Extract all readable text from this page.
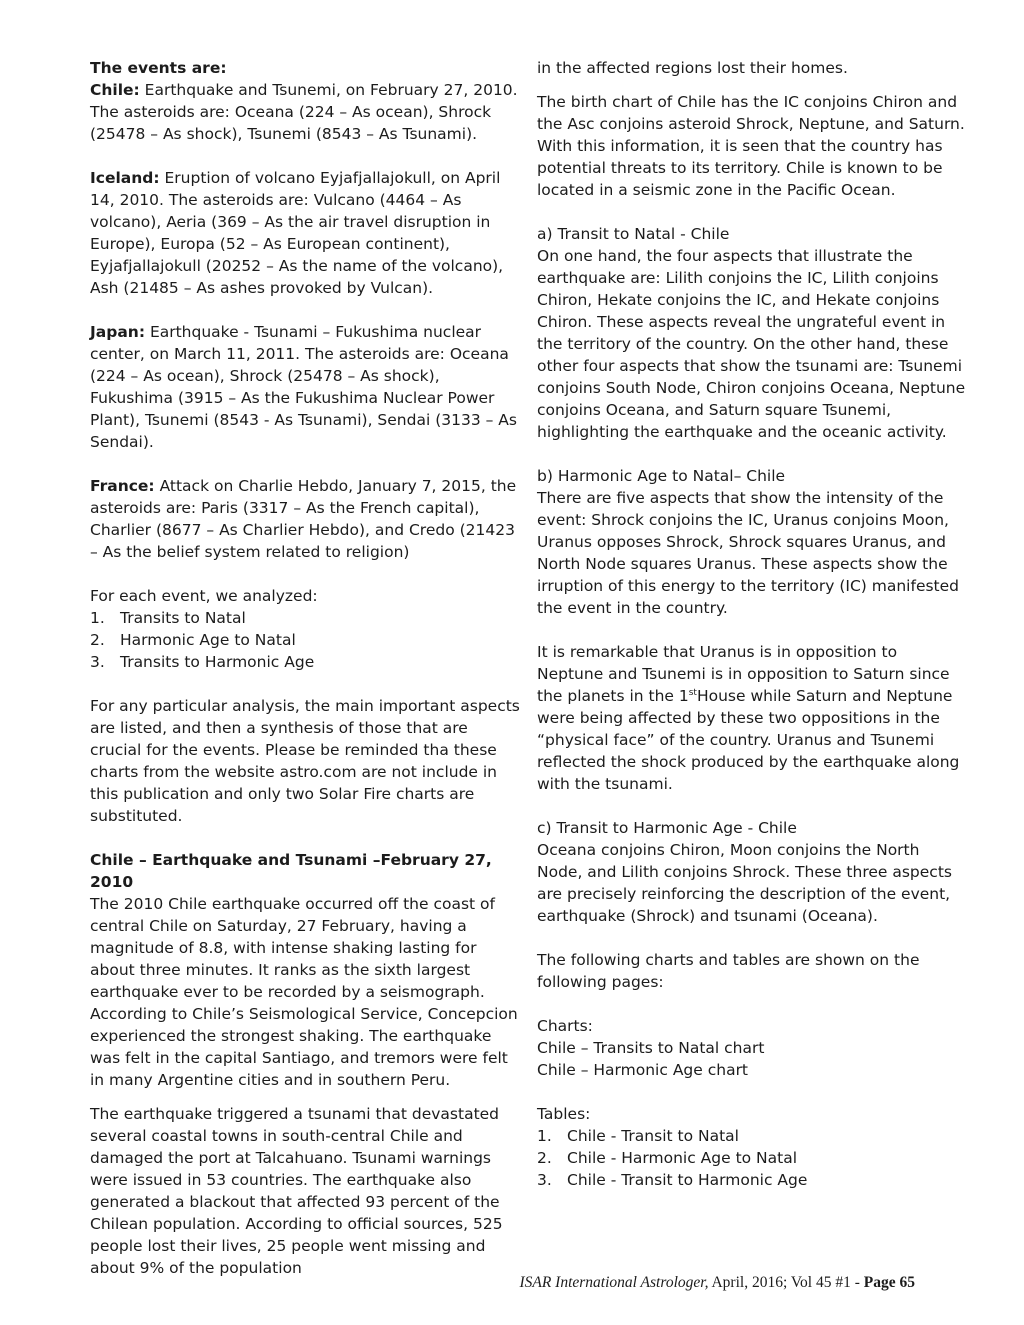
The events are:

Chile: Earthquake and Tsunemi, on February 27, 2010. The asteroids are: Oceana (224 – As ocean), Shrock (25478 – As shock), Tsunemi (8543 – As Tsunami).

Iceland: Eruption of volcano Eyjafjallajokull, on April 14, 2010. The asteroids are: Vulcano (4464 – As volcano), Aeria (369 – As the air travel disruption in Europe), Europa (52 – As European continent), Eyjafjallajokull (20252 – As the name of the volcano), Ash (21485 – As ashes provoked by Vulcan).

Japan: Earthquake - Tsunami – Fukushima nuclear center, on March 11, 2011. The asteroids are: Oceana (224 – As ocean), Shrock (25478 – As shock), Fukushima (3915 – As the Fukushima Nuclear Power Plant), Tsunemi (8543 - As Tsunami), Sendai (3133 – As Sendai).

France: Attack on Charlie Hebdo, January 7, 2015, the asteroids are: Paris (3317 – As the French capital), Charlier (8677 – As Charlier Hebdo), and Credo (21423 – As the belief system related to religion)

For each event, we analyzed:

1. Transits to Natal
2. Harmonic Age to Natal
3. Transits to Harmonic Age

For any particular analysis, the main important aspects are listed, and then a synthesis of those that are crucial for the events. Please be reminded tha these charts from the website astro.com are not include in this publication and only two Solar Fire charts are substituted.

Chile – Earthquake and Tsunami –February 27, 2010

The 2010 Chile earthquake occurred off the coast of central Chile on Saturday, 27 February, having a magnitude of 8.8, with intense shaking lasting for about three minutes. It ranks as the sixth largest earthquake ever to be recorded by a seismograph. According to Chile’s Seismological Service, Concepcion experienced the strongest shaking. The earthquake was felt in the capital Santiago, and tremors were felt in many Argentine cities and in southern Peru.

The earthquake triggered a tsunami that devastated several coastal towns in south-central Chile and damaged the port at Talcahuano. Tsunami warnings were issued in 53 countries. The earthquake also generated a blackout that affected 93 percent of the Chilean population. According to official sources, 525 people lost their lives, 25 people went missing and about 9% of the population

in the affected regions lost their homes.

The birth chart of Chile has the IC conjoins Chiron and the Asc conjoins asteroid Shrock, Neptune, and Saturn. With this information, it is seen that the country has potential threats to its territory. Chile is known to be located in a seismic zone in the Pacific Ocean.

a) Transit to Natal - Chile

On one hand, the four aspects that illustrate the earthquake are: Lilith conjoins the IC, Lilith conjoins Chiron, Hekate conjoins the IC, and Hekate conjoins Chiron. These aspects reveal the ungrateful event in the territory of the country. On the other hand, these other four aspects that show the tsunami are: Tsunemi conjoins South Node, Chiron conjoins Oceana, Neptune conjoins Oceana, and Saturn square Tsunemi, highlighting the earthquake and the oceanic activity.

b) Harmonic Age to Natal– Chile

There are five aspects that show the intensity of the event: Shrock conjoins the IC, Uranus conjoins Moon, Uranus opposes Shrock, Shrock squares Uranus, and North Node squares Uranus. These aspects show the irruption of this energy to the territory (IC) manifested the event in the country.

It is remarkable that Uranus is in opposition to Neptune and Tsunemi is in opposition to Saturn since the planets in the 1stHouse while Saturn and Neptune were being affected by these two oppositions in the “physical face” of the country. Uranus and Tsunemi reflected the shock produced by the earthquake along with the tsunami.

c) Transit to Harmonic Age - Chile

Oceana conjoins Chiron, Moon conjoins the North Node, and Lilith conjoins Shrock. These three aspects are precisely reinforcing the description of the event, earthquake (Shrock) and tsunami (Oceana).

The following charts and tables are shown on the following pages:

Charts:

Chile – Transits to Natal chart

Chile – Harmonic Age chart

Tables:

1. Chile - Transit to Natal
2. Chile - Harmonic Age to Natal
3. Chile - Transit to Harmonic Age
ISAR International Astrologer, April, 2016; Vol 45 #1 - Page 65
